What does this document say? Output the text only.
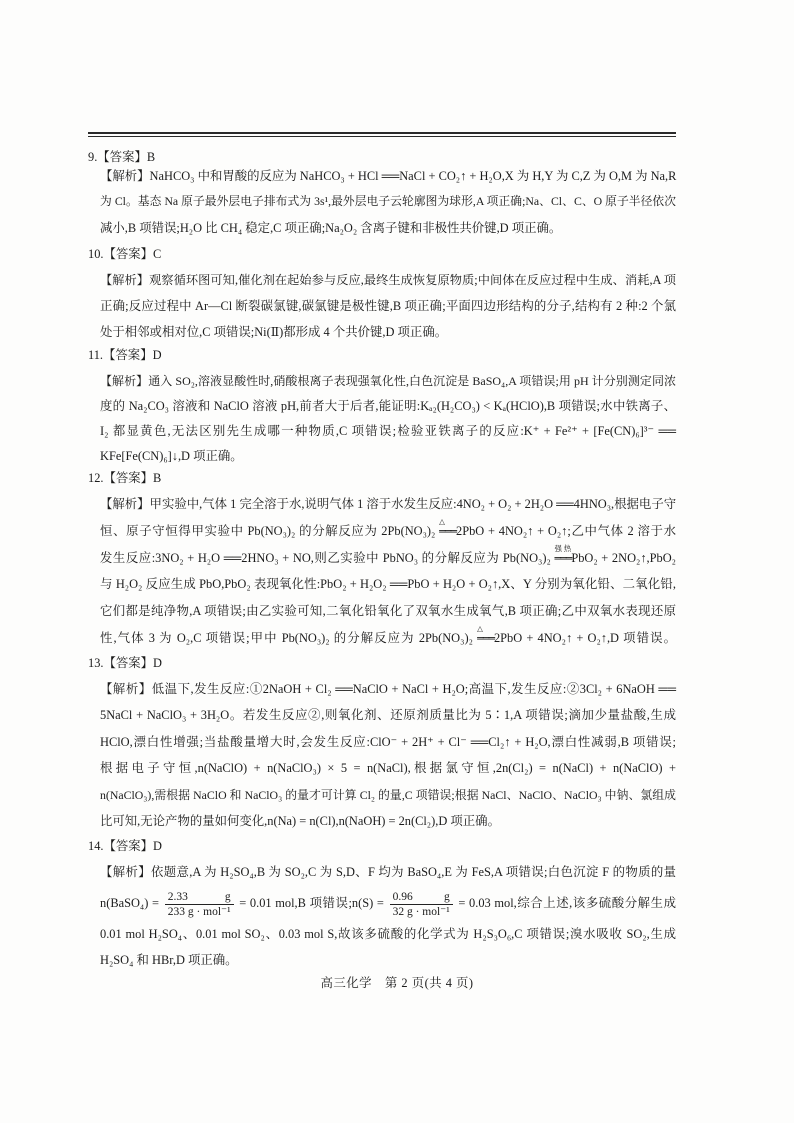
9.【答案】B
【解析】NaHCO₃ 中和胃酸的反应为 NaHCO₃ + HCl ══NaCl + CO₂↑ + H₂O,X 为 H,Y 为 C,Z 为 O,M 为 Na,R
为 Cl。基态 Na 原子最外层电子排布式为 3s¹,最外层电子云轮廓图为球形,A 项正确;Na、Cl、C、O 原子半径依次
减小,B 项错误;H₂O 比 CH₄ 稳定,C 项正确;Na₂O₂ 含离子键和非极性共价键,D 项正确。
10.【答案】C
【解析】观察循环图可知,催化剂在起始参与反应,最终生成恢复原物质;中间体在反应过程中生成、消耗,A 项
正确;反应过程中 Ar—Cl 断裂碳氯键,碳氯键是极性键,B 项正确;平面四边形结构的分子,结构有 2 种:2 个氯
处于相邻或相对位,C 项错误;Ni(Ⅱ)都形成 4 个共价键,D 项正确。
11.【答案】D
【解析】通入 SO₂,溶液显酸性时,硝酸根离子表现强氧化性,白色沉淀是 BaSO₄,A 项错误;用 pH 计分别测定同浓
度的 Na₂CO₃ 溶液和 NaClO 溶液 pH,前者大于后者,能证明:Kₐ₂(H₂CO₃) < Kₐ(HClO),B 项错误;水中铁离子、
I₂ 都显黄色,无法区别先生成哪一种物质,C 项错误;检验亚铁离子的反应:K⁺ + Fe²⁺ + [Fe(CN)₆]³⁻ ══
KFe[Fe(CN)₆]↓,D 项正确。
12.【答案】B
【解析】甲实验中,气体 1 完全溶于水,说明气体 1 溶于水发生反应:4NO₂ + O₂ + 2H₂O ══4HNO₃,根据电子守
恒、原子守恒得甲实验中 Pb(NO₃)₂ 的分解反应为 2Pb(NO₃)₂
△
═══ 2PbO + 4NO₂↑ + O₂↑;乙中气体 2 溶于水
发生反应:3NO₂ + H₂O ══2HNO₃ + NO,则乙实验中 PbNO₃ 的分解反应为 Pb(NO₃)₂
强热
═══ PbO₂ + 2NO₂↑,PbO₂
与 H₂O₂ 反应生成 PbO,PbO₂ 表现氧化性:PbO₂ + H₂O₂ ══PbO + H₂O + O₂↑,X、Y 分别为氧化铅、二氧化铅,
它们都是纯净物,A 项错误;由乙实验可知,二氧化铅氧化了双氧水生成氧气,B 项正确;乙中双氧水表现还原
性,气体 3 为 O₂,C 项错误;甲中 Pb(NO₃)₂ 的分解反应为 2Pb(NO₃)₂
△
═══ 2PbO + 4NO₂↑ + O₂↑,D 项错误。
13.【答案】D
【解析】低温下,发生反应:①2NaOH + Cl₂ ══NaClO + NaCl + H₂O;高温下,发生反应:②3Cl₂ + 6NaOH ══
5NaCl + NaClO₃ + 3H₂O。若发生反应②,则氧化剂、还原剂质量比为 5∶1,A 项错误;滴加少量盐酸,生成
HClO,漂白性增强;当盐酸量增大时,会发生反应:ClO⁻ + 2H⁺ + Cl⁻ ══Cl₂↑ + H₂O,漂白性减弱,B 项错误;
根据电子守恒,n(NaClO) + n(NaClO₃) × 5 = n(NaCl),根据氯守恒,2n(Cl₂) = n(NaCl) + n(NaClO) +
n(NaClO₃),需根据 NaClO 和 NaClO₃ 的量才可计算 Cl₂ 的量,C 项错误;根据 NaCl、NaClO、NaClO₃ 中钠、氯组成
比可知,无论产物的量如何变化,n(Na) = n(Cl),n(NaOH) = 2n(Cl₂),D 项正确。
14.【答案】D
【解析】依题意,A 为 H₂SO₄,B 为 SO₂,C 为 S,D、F 均为 BaSO₄,E 为 FeS,A 项错误;白色沉淀 F 的物质的量
n(BaSO₄) = $\frac{2.33 g}{\text{233 g · mol⁻¹}} = 0.01$ mol,B 项错误;n(S) = $\frac{0.96 g}{\text{32 g · mol⁻¹}} = 0.03$ mol,综合上述,该多硫酸分解生成
0.01 mol H₂SO₄、0.01 mol SO₂、0.03 mol S,故该多硫酸的化学式为 H₂S₃O₆,C 项错误;溴水吸收 SO₂,生成
H₂SO₄ 和 HBr,D 项正确。
高三化学　第 2 页(共 4 页)
